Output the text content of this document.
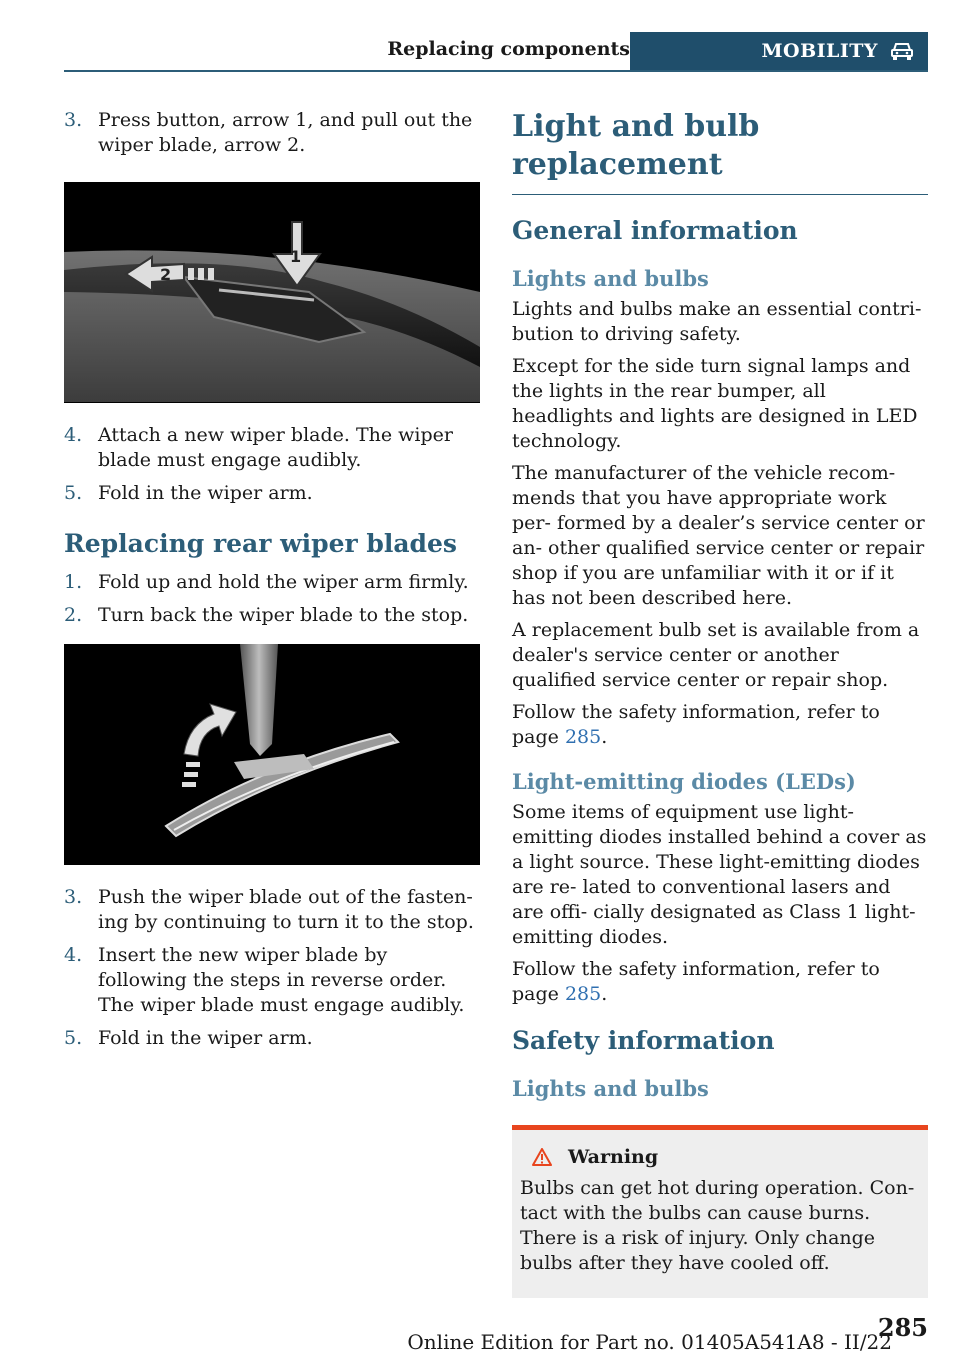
Replacing components	MOBILITY
3. Press button, arrow 1, and pull out the wiper blade, arrow 2.
2
1
4. Attach a new wiper blade. The wiper blade must engage audibly.
5. Fold in the wiper arm.
Replacing rear wiper blades
1. Fold up and hold the wiper arm firmly.
2. Turn back the wiper blade to the stop.
3. Push the wiper blade out of the fasten‐ ing by continuing to turn it to the stop.
4. Insert the new wiper blade by following the steps in reverse order. The wiper blade must engage audibly.
5. Fold in the wiper arm.
Light and bulb replacement
General information
Lights and bulbs

Lights and bulbs make an essential contri‐ bution to driving safety.

Except for the side turn signal lamps and the lights in the rear bumper, all headlights and lights are designed in LED technology.

The manufacturer of the vehicle recom‐ mends that you have appropriate work per‐ formed by a dealer’s service center or an‐ other qualified service center or repair shop if you are unfamiliar with it or if it has not been described here.

A replacement bulb set is available from a dealer's service center or another qualified service center or repair shop.

Follow the safety information, refer to page 285.

Light-emitting diodes (LEDs)

Some items of equipment use light-emitting diodes installed behind a cover as a light source. These light-emitting diodes are re‐ lated to conventional lasers and are offi‐ cially designated as Class 1 light-emitting diodes.

Follow the safety information, refer to page 285.

Safety information
Lights and bulbs
Warning

Bulbs can get hot during operation. Con‐ tact with the bulbs can cause burns. There is a risk of injury. Only change bulbs after they have cooled off.

285
Online Edition for Part no. 01405A541A8 - II/22
